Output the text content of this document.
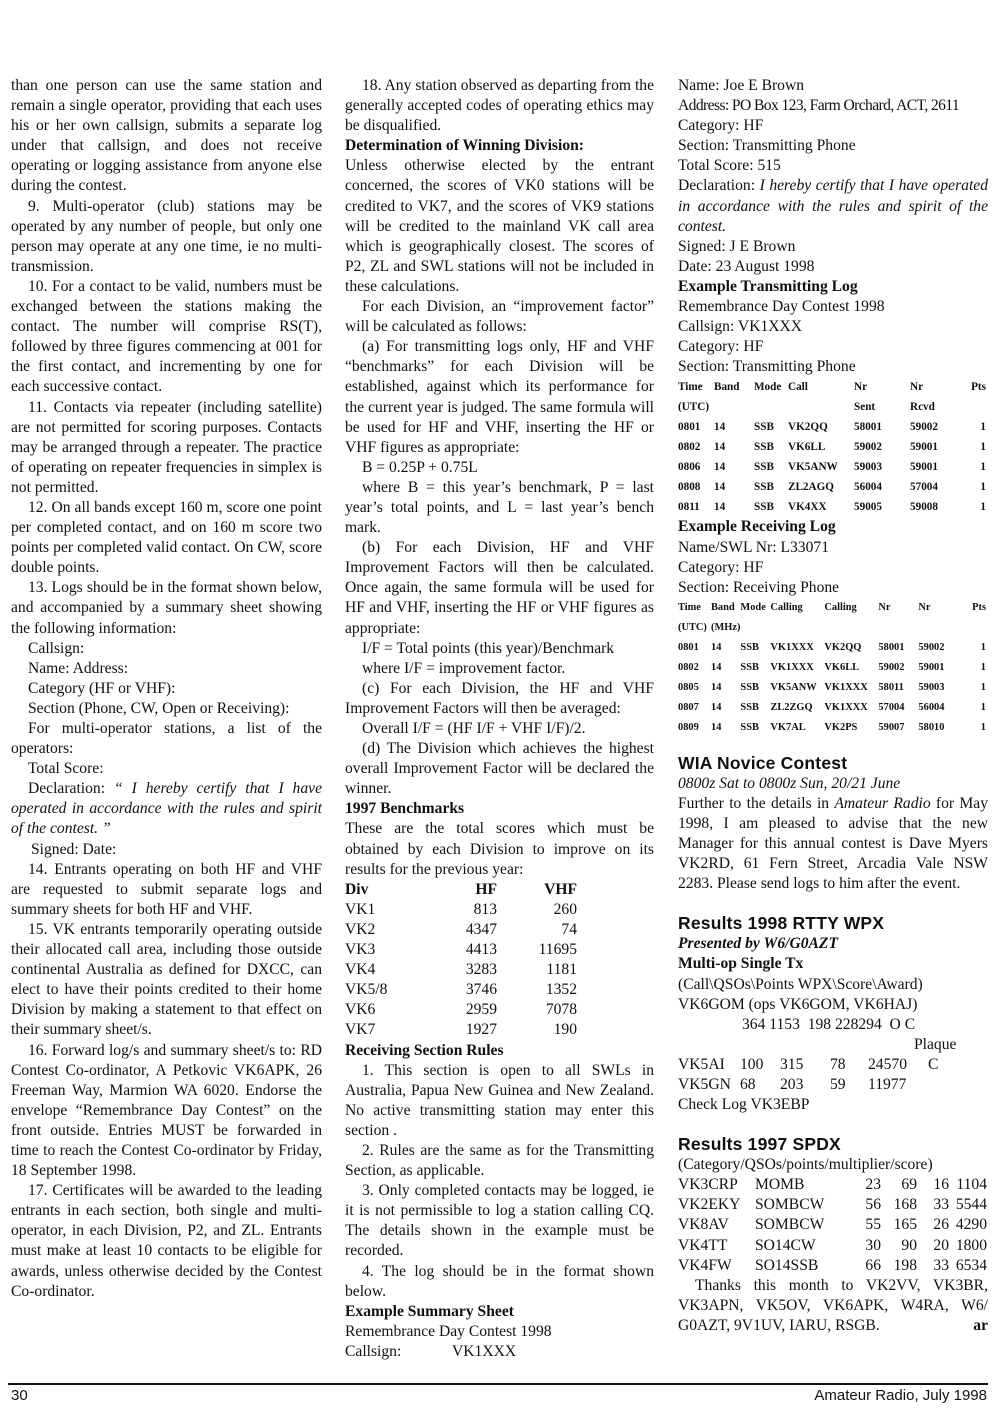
than one person can use the same station and remain a single operator, providing that each uses his or her own callsign, submits a separate log under that callsign, and does not receive operating or logging assistance from anyone else during the contest.

9. Multi-operator (club) stations may be operated by any number of people, but only one person may operate at any one time, ie no multi-transmission.

10. For a contact to be valid, numbers must be exchanged between the stations making the contact. The number will comprise RS(T), followed by three figures commencing at 001 for the first contact, and incrementing by one for each successive contact.

11. Contacts via repeater (including satellite) are not permitted for scoring purposes. Contacts may be arranged through a repeater. The practice of operating on repeater frequencies in simplex is not permitted.

12. On all bands except 160 m, score one point per completed contact, and on 160 m score two points per completed valid contact. On CW, score double points.

13. Logs should be in the format shown below, and accompanied by a summary sheet showing the following information:

Callsign:

Name: Address:

Category (HF or VHF):

Section (Phone, CW, Open or Receiving):

For multi-operator stations, a list of the operators:

Total Score:

Declaration: “ I hereby certify that I have operated in accordance with the rules and spirit of the contest. ”

Signed: Date:

14. Entrants operating on both HF and VHF are requested to submit separate logs and summary sheets for both HF and VHF.

15. VK entrants temporarily operating outside their allocated call area, including those outside continental Australia as defined for DXCC, can elect to have their points credited to their home Division by making a statement to that effect on their summary sheet/s.

16. Forward log/s and summary sheet/s to: RD Contest Co-ordinator, A Petkovic VK6APK, 26 Freeman Way, Marmion WA 6020. Endorse the envelope “Remembrance Day Contest” on the front outside. Entries MUST be forwarded in time to reach the Contest Co-ordinator by Friday, 18 September 1998.

17. Certificates will be awarded to the leading entrants in each section, both single and multi-operator, in each Division, P2, and ZL. Entrants must make at least 10 contacts to be eligible for awards, unless otherwise decided by the Contest Co-ordinator.

18. Any station observed as departing from the generally accepted codes of operating ethics may be disqualified.

Determination of Winning Division:

Unless otherwise elected by the entrant concerned, the scores of VK0 stations will be credited to VK7, and the scores of VK9 stations will be credited to the mainland VK call area which is geographically closest. The scores of P2, ZL and SWL stations will not be included in these calculations.

For each Division, an “improvement factor” will be calculated as follows:

(a) For transmitting logs only, HF and VHF “benchmarks” for each Division will be established, against which its performance for the current year is judged. The same formula will be used for HF and VHF, inserting the HF or VHF figures as appropriate:

B = 0.25P + 0.75L

where B = this year’s benchmark, P = last year’s total points, and L = last year’s bench mark.

(b) For each Division, HF and VHF Improvement Factors will then be calculated. Once again, the same formula will be used for HF and VHF, inserting the HF or VHF figures as appropriate:

I/F = Total points (this year)/Benchmark

where I/F = improvement factor.

(c) For each Division, the HF and VHF Improvement Factors will then be averaged:

Overall I/F = (HF I/F + VHF I/F)/2.

(d) The Division which achieves the highest overall Improvement Factor will be declared the winner.

1997 Benchmarks

These are the total scores which must be obtained by each Division to improve on its results for the previous year:

Div	HF	VHF
VK1	813	260
VK2	4347	74
VK3	4413	11695
VK4	3283	1181
VK5/8	3746	1352
VK6	2959	7078
VK7	1927	190

Receiving Section Rules

1. This section is open to all SWLs in Australia, Papua New Guinea and New Zealand. No active transmitting station may enter this section .

2. Rules are the same as for the Transmitting Section, as applicable.

3. Only completed contacts may be logged, ie it is not permissible to log a station calling CQ. The details shown in the example must be recorded.

4. The log should be in the format shown below.

Example Summary Sheet

Remembrance Day Contest 1998

Callsign:	VK1XXX

Name: Joe E Brown

Address: PO Box 123, Farm Orchard, ACT, 2611

Category: HF

Section: Transmitting Phone

Total Score: 515

Declaration: I hereby certify that I have operated in accordance with the rules and spirit of the contest.

Signed: J E Brown

Date: 23 August 1998

Example Transmitting Log

Remembrance Day Contest 1998

Callsign: VK1XXX

Category: HF

Section: Transmitting Phone

Time	Band	Mode	Call	Nr	Nr	Pts
(UTC)				Sent	Rcvd	
0801	14	SSB	VK2QQ	58001	59002	1
0802	14	SSB	VK6LL	59002	59001	1
0806	14	SSB	VK5ANW	59003	59001	1
0808	14	SSB	ZL2AGQ	56004	57004	1
0811	14	SSB	VK4XX	59005	59008	1

Example Receiving Log

Name/SWL Nr: L33071

Category: HF

Section: Receiving Phone

Time	Band	Mode	Calling	Calling	Nr	Nr	Pts
(UTC)	(MHz)						
0801	14	SSB	VK1XXX	VK2QQ	58001	59002	1
0802	14	SSB	VK1XXX	VK6LL	59002	59001	1
0805	14	SSB	VK5ANW	VK1XXX	58011	59003	1
0807	14	SSB	ZL2ZGQ	VK1XXX	57004	56004	1
0809	14	SSB	VK7AL	VK2PS	59007	58010	1

WIA Novice Contest

0800z Sat to 0800z Sun, 20/21 June

Further to the details in Amateur Radio for May 1998, I am pleased to advise that the new Manager for this annual contest is Dave Myers VK2RD, 61 Fern Street, Arcadia Vale NSW 2283. Please send logs to him after the event.

Results 1998 RTTY WPX

Presented by W6/G0AZT

Multi-op Single Tx

(Call\QSOs\Points WPX\Score\Award)

VK6GOM (ops VK6GOM, VK6HAJ)

364 1153  198 228294  O C

Plaque

VK5AI 100	315	78	24570	C
VK5GN 68	203	59	11977

Check Log VK3EBP

Results 1997 SPDX

(Category/QSOs/points/multiplier/score)

VK3CRP	MOMB	23	69	16 1104
VK2EKY SOMBCW	56 168	33 5544
VK8AV	SOMBCW	55 165	26 4290
VK4TT	SO14CW	30	90	20 1800
VK4FW	SO14SSB	66 198	33 6534

Thanks this month to VK2VV, VK3BR, VK3APN, VK5OV, VK6APK, W4RA, W6/ G0AZT, 9V1UV, IARU, RSGB.	ar

30	Amateur Radio, July 1998
